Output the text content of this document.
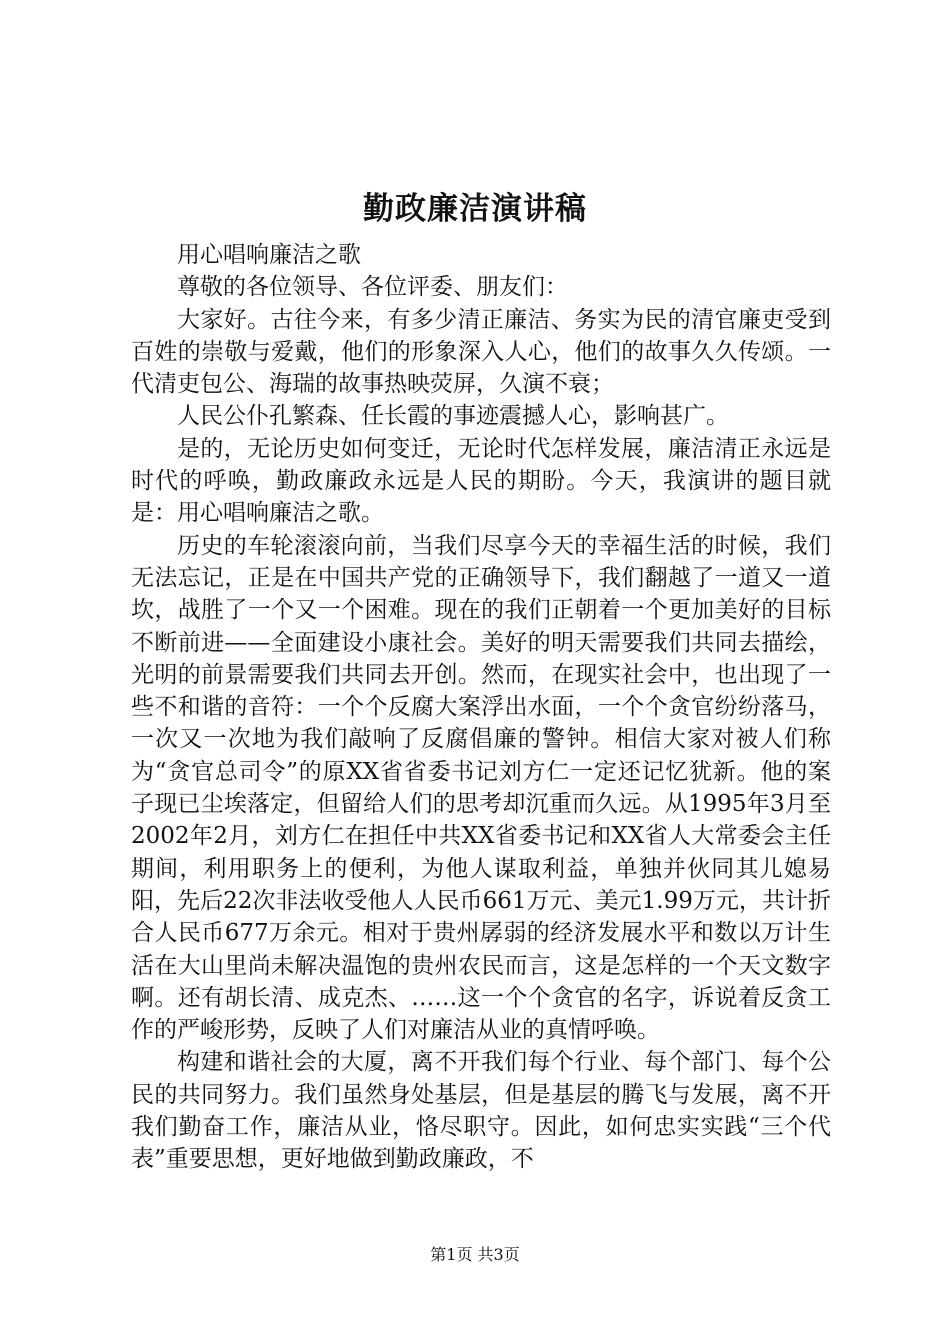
勤政廉洁演讲稿

用心唱响廉洁之歌

尊敬的各位领导、各位评委、朋友们：

大家好。古往今来，有多少清正廉洁、务实为民的清官廉吏受到百姓的崇敬与爱戴，他们的形象深入人心，他们的故事久久传颂。一代清吏包公、海瑞的故事热映荧屏，久演不衰；

人民公仆孔繁森、任长霞的事迹震撼人心，影响甚广。

是的，无论历史如何变迁，无论时代怎样发展，廉洁清正永远是时代的呼唤，勤政廉政永远是人民的期盼。今天，我演讲的题目就是：用心唱响廉洁之歌。

历史的车轮滚滚向前，当我们尽享今天的幸福生活的时候，我们无法忘记，正是在中国共产党的正确领导下，我们翻越了一道又一道坎，战胜了一个又一个困难。现在的我们正朝着一个更加美好的目标不断前进——全面建设小康社会。美好的明天需要我们共同去描绘，光明的前景需要我们共同去开创。然而，在现实社会中，也出现了一些不和谐的音符：一个个反腐大案浮出水面，一个个贪官纷纷落马，一次又一次地为我们敲响了反腐倡廉的警钟。相信大家对被人们称为“贪官总司令”的原XX省省委书记刘方仁一定还记忆犹新。他的案子现已尘埃落定，但留给人们的思考却沉重而久远。从1995年3月至2002年2月，刘方仁在担任中共XX省委书记和XX省人大常委会主任期间，利用职务上的便利，为他人谋取利益，单独并伙同其儿媳易阳，先后22次非法收受他人人民币661万元、美元1.99万元，共计折合人民币677万余元。相对于贵州孱弱的经济发展水平和数以万计生活在大山里尚未解决温饱的贵州农民而言，这是怎样的一个天文数字啊。还有胡长清、成克杰、……这一个个贪官的名字，诉说着反贪工作的严峻形势，反映了人们对廉洁从业的真情呼唤。

构建和谐社会的大厦，离不开我们每个行业、每个部门、每个公民的共同努力。我们虽然身处基层，但是基层的腾飞与发展，离不开我们勤奋工作，廉洁从业，恪尽职守。因此，如何忠实实践“三个代表”重要思想，更好地做到勤政廉政，不

第1页 共3页
